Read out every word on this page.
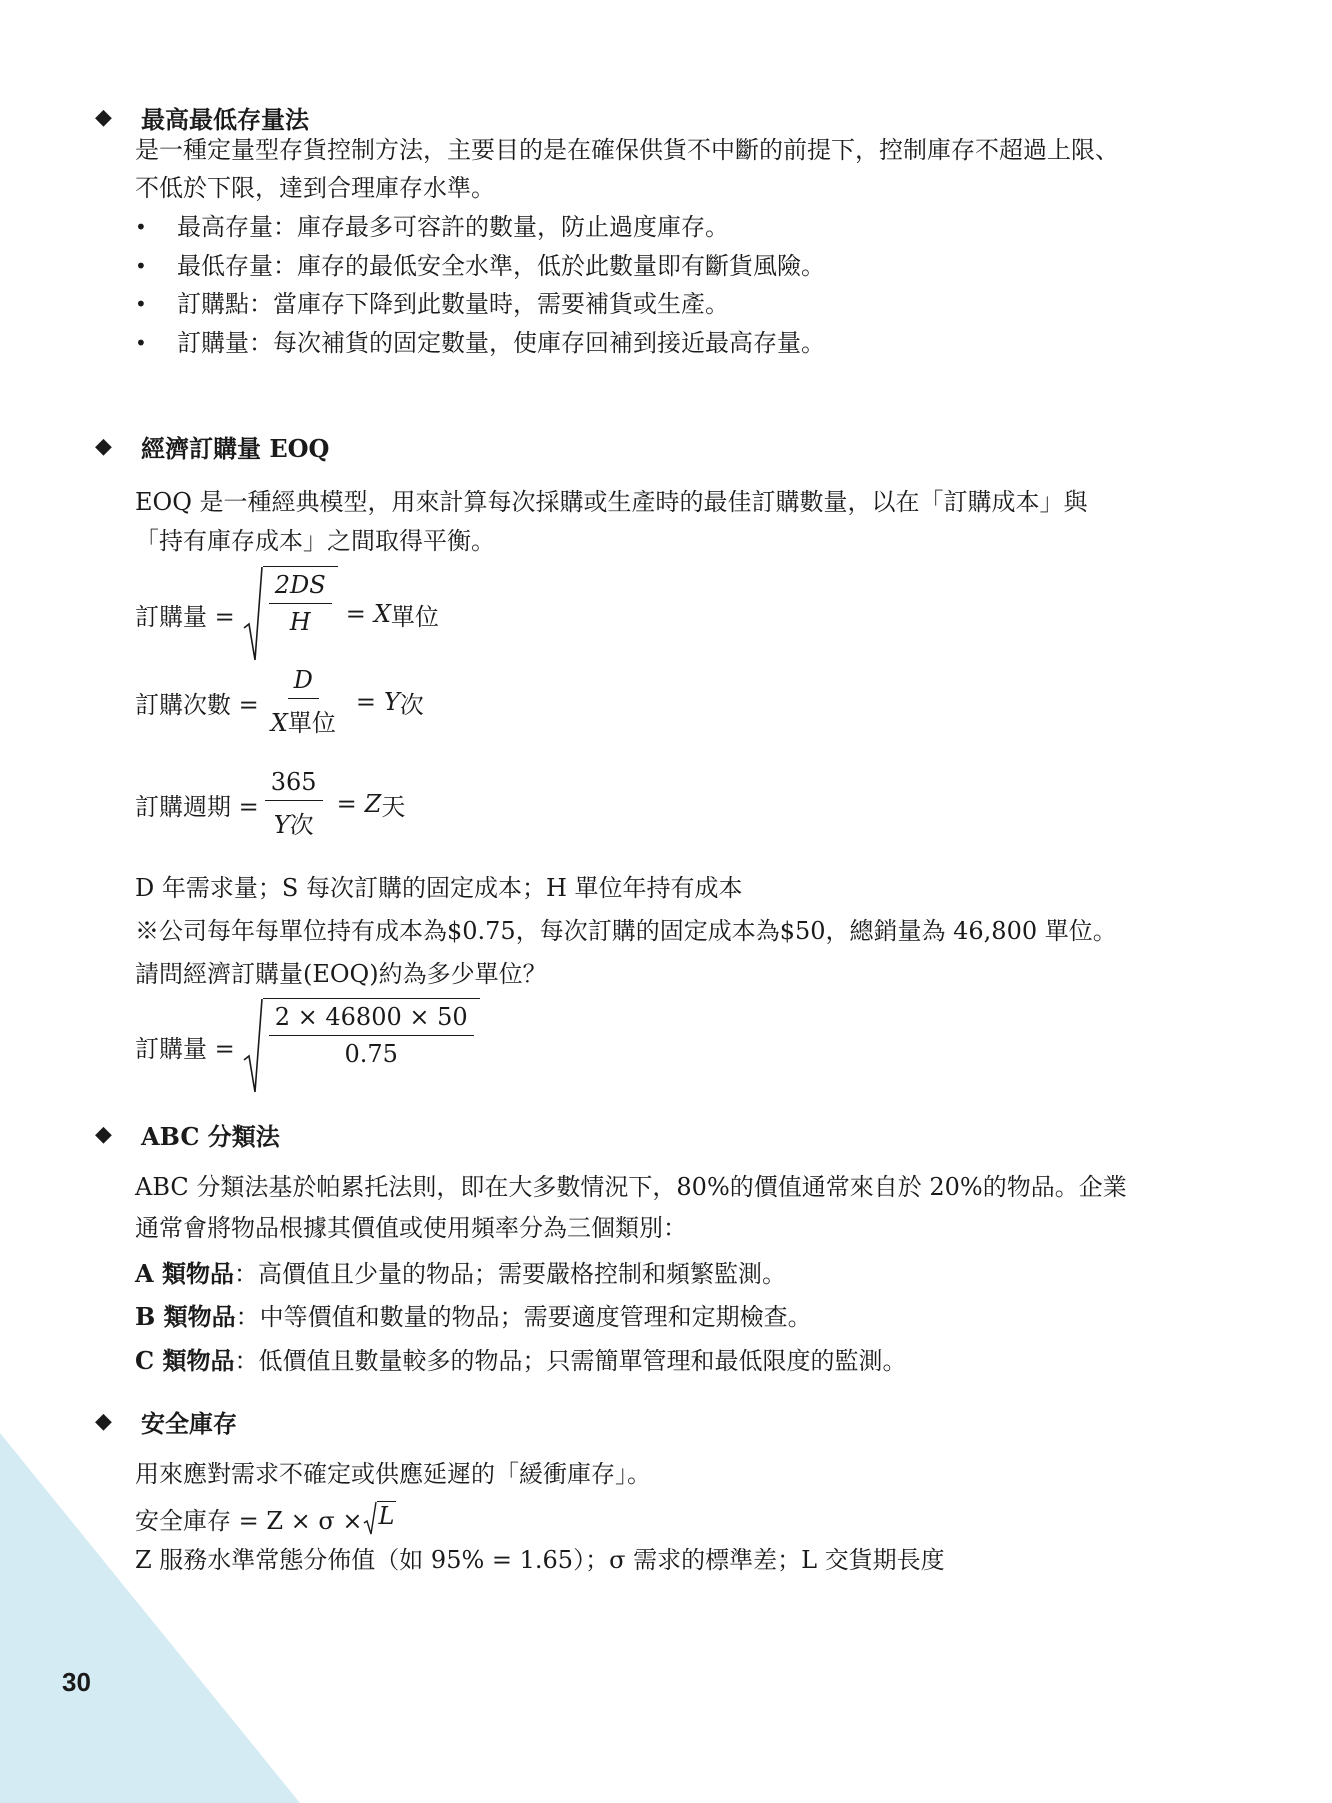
◆ 最高最低存量法
是一種定量型存貨控制方法，主要目的是在確保供貨不中斷的前提下，控制庫存不超過上限、
不低於下限，達到合理庫存水準。
•	最高存量：庫存最多可容許的數量，防止過度庫存。
•	最低存量：庫存的最低安全水準，低於此數量即有斷貨風險。
•	訂購點：當庫存下降到此數量時，需要補貨或生產。
•	訂購量：每次補貨的固定數量，使庫存回補到接近最高存量。
◆ 經濟訂購量 EOQ
EOQ 是一種經典模型，用來計算每次採購或生產時的最佳訂購數量，以在「訂購成本」與
「持有庫存成本」之間取得平衡。
訂購量 = $\frac{2DS}{H} = X$ 單位
訂購次數 = $\frac{D}{\text{X單位}} = Y$ 次
訂購週期 = $\frac{365}{\text{Y次}} = Z$ 天
D 年需求量；S 每次訂購的固定成本；H 單位年持有成本
※公司每年每單位持有成本為$0.75，每次訂購的固定成本為$50，總銷量為 46,800 單位。
請問經濟訂購量(EOQ)約為多少單位？
訂購量 = $\frac{2 \times 46800 \times 50}{0.75}$
◆ ABC 分類法
ABC 分類法基於帕累托法則，即在大多數情況下，80%的價值通常來自於 20%的物品。企業
通常會將物品根據其價值或使用頻率分為三個類別：
A 類物品：高價值且少量的物品；需要嚴格控制和頻繁監測。
B 類物品：中等價值和數量的物品；需要適度管理和定期檢查。
C 類物品：低價值且數量較多的物品；只需簡單管理和最低限度的監測。
◆ 安全庫存
用來應對需求不確定或供應延遲的「緩衝庫存」。
安全庫存 = Z × σ × L
Z 服務水準常態分佈值（如 95% = 1.65）；σ 需求的標準差；L 交貨期長度
30
